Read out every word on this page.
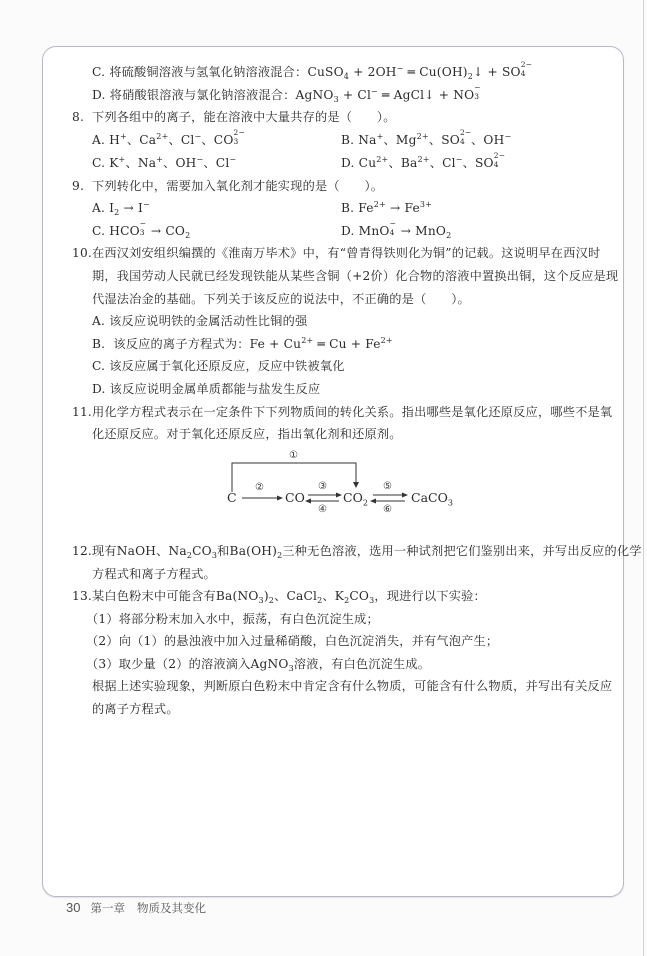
C. 将硫酸铜溶液与氢氧化钠溶液混合：CuSO$_4$ + 2OH− ═ $Cu(OH)_2↓$ + SO
2−
4
D. 将硝酸银溶液与氯化钠溶液混合：AgNO$_3$ + Cl− ═ AgCl↓ + NO
−
3
8. 下列各组中的离子，能在溶液中大量共存的是（　　）。
A. H+、$Ca^{2+}$、Cl−、CO
2−
3	B. Na+、$Mg^{2+}$、SO
2−
4 、OH−
C. K+、Na+、OH−、Cl−	D. $Cu^{2+}$、$Ba^{2+}$、Cl−、SO
2−
4
9. 下列转化中，需要加入氧化剂才能实现的是（　　）。
A. $I_2 \to I^-$	B. $Fe^{2+} \to Fe^{3+}$
C. HCO
−
$3 \to CO_2$	D. MnO
−
4 → MnO$_2$
10.在西汉刘安组织编撰的《淮南万毕术》中，有“曾青得铁则化为铜”的记载。这说明早在西汉时
期，我国劳动人民就已经发现铁能从某些含铜（+2价）化合物的溶液中置换出铜，这个反应是现
代湿法冶金的基础。下列关于该反应的说法中，不正确的是（　　）。
A. 该反应说明铁的金属活动性比铜的强
B.  该反应的离子方程式为：$Fe + Cu^{2+}$ ═ $Cu + Fe^{2+}$
C. 该反应属于氧化还原反应，反应中铁被氧化
D. 该反应说明金属单质都能与盐发生反应
11.用化学方程式表示在一定条件下下列物质间的转化关系。指出哪些是氧化还原反应，哪些不是氧
化还原反应。对于氧化还原反应，指出氧化剂和还原剂。
C	CO	$CO_2$	CaCO$_3$
①
②	③
④
⑤
⑥
12.现有NaOH、$Na_2CO_3$和$Ba(OH)_2$三种无色溶液，选用一种试剂把它们鉴别出来，并写出反应的化学
方程式和离子方程式。
13.某白色粉末中可能含有$Ba(NO_3)_2$、CaCl$_2$、$K_2CO_3$，现进行以下实验：
（1）将部分粉末加入水中，振荡，有白色沉淀生成；
（2）向（1）的悬浊液中加入过量稀硝酸，白色沉淀消失，并有气泡产生；
（3）取少量（2）的溶液滴入AgNO$_3$溶液，有白色沉淀生成。
根据上述实验现象，判断原白色粉末中肯定含有什么物质，可能含有什么物质，并写出有关反应
的离子方程式。
30 第一章 物质及其变化
